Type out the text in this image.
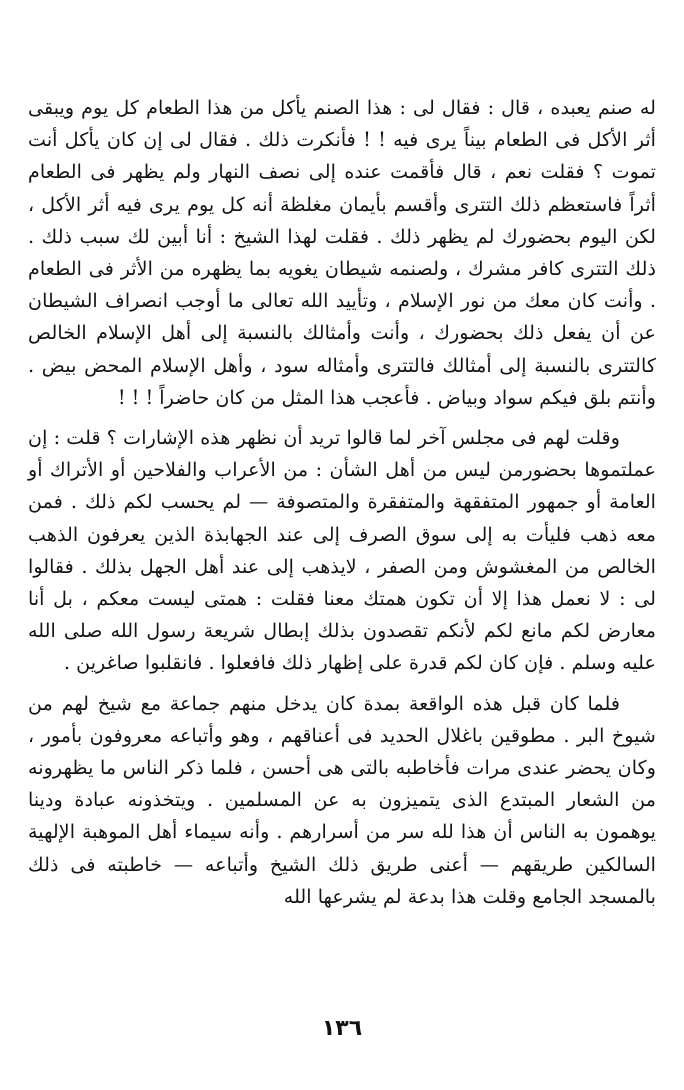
له صنم يعبده ، قال : فقال لى : هذا الصنم يأكل من هذا الطعام كل يوم ويبقى أثر الأكل فى الطعام بيناً يرى فيه ! ! فأنكرت ذلك . فقال لى إن كان يأكل أنت تموت ؟ فقلت نعم ، قال فأقمت عنده إلى نصف النهار ولم يظهر فى الطعام أثراً فاستعظم ذلك التترى وأقسم بأيمان مغلظة أنه كل يوم يرى فيه أثر الأكل ، لكن اليوم بحضورك لم يظهر ذلك . فقلت لهذا الشيخ : أنا أبين لك سبب ذلك . ذلك التترى كافر مشرك ، ولصنمه شيطان يغويه بما يظهره من الأثر فى الطعام . وأنت كان معك من نور الإسلام ، وتأييد الله تعالى ما أوجب انصراف الشيطان عن أن يفعل ذلك بحضورك ، وأنت وأمثالك بالنسبة إلى أهل الإسلام الخالص كالتترى بالنسبة إلى أمثالك فالتترى وأمثاله سود ، وأهل الإسلام المحض بيض . وأنتم بلق فيكم سواد وبياض . فأعجب هذا المثل من كان حاضراً ! ! !

وقلت لهم فى مجلس آخر لما قالوا تريد أن نظهر هذه الإشارات ؟ قلت : إن عملتموها بحضورمن ليس من أهل الشأن : من الأعراب والفلاحين أو الأتراك أو العامة أو جمهور المتفقهة والمتفقرة والمتصوفة — لم يحسب لكم ذلك . فمن معه ذهب فليأت به إلى سوق الصرف إلى عند الجهابذة الذين يعرفون الذهب الخالص من المغشوش ومن الصفر ، لايذهب إلى عند أهل الجهل بذلك . فقالوا لى : لا نعمل هذا إلا أن تكون همتك معنا فقلت : همتى ليست معكم ، بل أنا معارض لكم مانع لكم لأنكم تقصدون بذلك إبطال شريعة رسول الله صلى الله عليه وسلم . فإن كان لكم قدرة على إظهار ذلك فافعلوا . فانقلبوا صاغرين .

فلما كان قبل هذه الواقعة بمدة كان يدخل منهم جماعة مع شيخ لهم من شيوخ البر . مطوقين باغلال الحديد فى أعناقهم ، وهو وأتباعه معروفون بأمور ، وكان يحضر عندى مرات فأخاطبه بالتى هى أحسن ، فلما ذكر الناس ما يظهرونه من الشعار المبتدع الذى يتميزون به عن المسلمين . ويتخذونه عبادة ودينا يوهمون به الناس أن هذا لله سر من أسرارهم . وأنه سيماء أهل الموهبة الإلهية السالكين طريقهم — أعنى طريق ذلك الشيخ وأتباعه — خاطبته فى ذلك بالمسجد الجامع وقلت هذا بدعة لم يشرعها الله

١٣٦
